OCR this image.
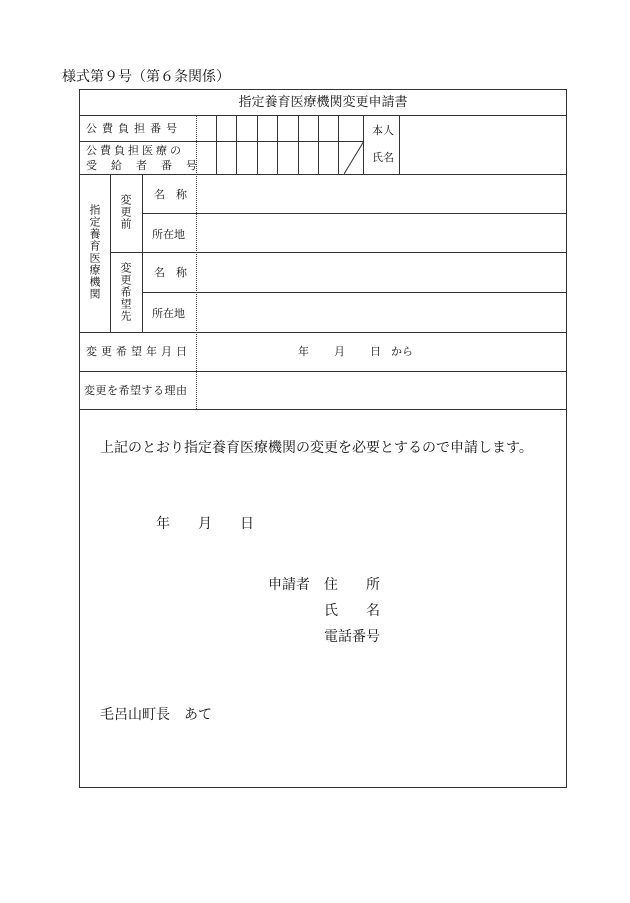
様式第９号（第６条関係）
指定養育医療機関変更申請書
公費負担番号	本人
公費負担医療の
受給者番号
氏名
指定養育医療機関 変更前
変更希望先
名称
所在地
名称
所在地
変更希望年月日	年 月 日 から
変更を希望する理由
上記のとおり指定養育医療機関の変更を必要とするので申請します。
年 月 日
申請者 住　　所
氏　　名
電話番号
毛呂山町長　あて
